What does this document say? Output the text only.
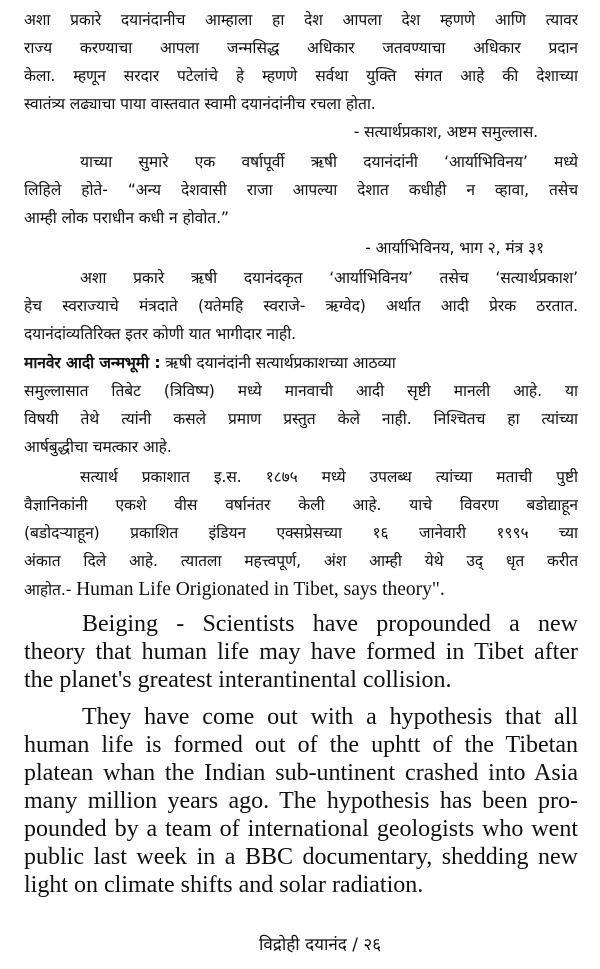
अशा प्रकारे दयानंदानीच आम्हाला हा देश आपला देश म्हणणे आणि त्यावर
राज्य करण्याचा आपला जन्मसिद्ध अधिकार जतवण्याचा अधिकार प्रदान
केला. म्हणून सरदार पटेलांचे हे म्हणणे सर्वथा युक्ति संगत आहे की देशाच्या
स्वातंत्र्य लढ्याचा पाया वास्तवात स्वामी दयानंदांनीच रचला होता.
- सत्यार्थप्रकाश, अष्टम समुल्लास.
याच्या सुमारे एक वर्षापूर्वी ऋषी दयानंदांनी ‘आर्याभिविनय’ मध्ये
लिहिले होते- “अन्य देशवासी राजा आपल्या देशात कधीही न व्हावा, तसेच
आम्ही लोक पराधीन कधी न होवोत.”
- आर्याभिविनय, भाग २, मंत्र ३१
अशा प्रकारे ऋषी दयानंदकृत ‘आर्याभिविनय’ तसेच ‘सत्यार्थप्रकाश’
हेच स्वराज्याचे मंत्रदाते (यतेमहि स्वराजे- ऋग्वेद) अर्थात आदी प्रेरक ठरतात.
दयानंदांव्यतिरिक्त इतर कोणी यात भागीदार नाही.
मानवेर आदी जन्मभूमी : ऋषी दयानंदांनी सत्यार्थप्रकाशच्या आठव्या
समुल्लासात तिबेट (त्रिविष्प) मध्ये मानवाची आदी सृष्टी मानली आहे. या
विषयी तेथे त्यांनी कसले प्रमाण प्रस्तुत केले नाही. निश्चितच हा त्यांच्या
आर्षबुद्धीचा चमत्कार आहे.
सत्यार्थ प्रकाशात इ.स. १८७५ मध्ये उपलब्ध त्यांच्या मताची पुष्टी
वैज्ञानिकांनी एकशे वीस वर्षानंतर केली आहे. याचे विवरण बडोद्याहून
(बडोदऱ्याहून) प्रकाशित इंडियन एक्सप्रेसच्या १६ जानेवारी १९९५ च्या
अंकात दिले आहे. त्यातला महत्त्वपूर्ण, अंश आम्ही येथे उद् धृत करीत
आहोत.- Human Life Origionated in Tibet, says theory".
Beiging - Scientists have propounded a new
theory that human life may have formed in Tibet after
the planet's greatest interantinental collision.
They have come out with a hypothesis that all
human life is formed out of the uphtt of the Tibetan
platean whan the Indian sub-untinent crashed into Asia
many million years ago. The hypothesis has been pro-
pounded by a team of international geologists who went
public last week in a BBC documentary, shedding new
light on climate shifts and solar radiation.
विद्रोही दयानंद / २६
